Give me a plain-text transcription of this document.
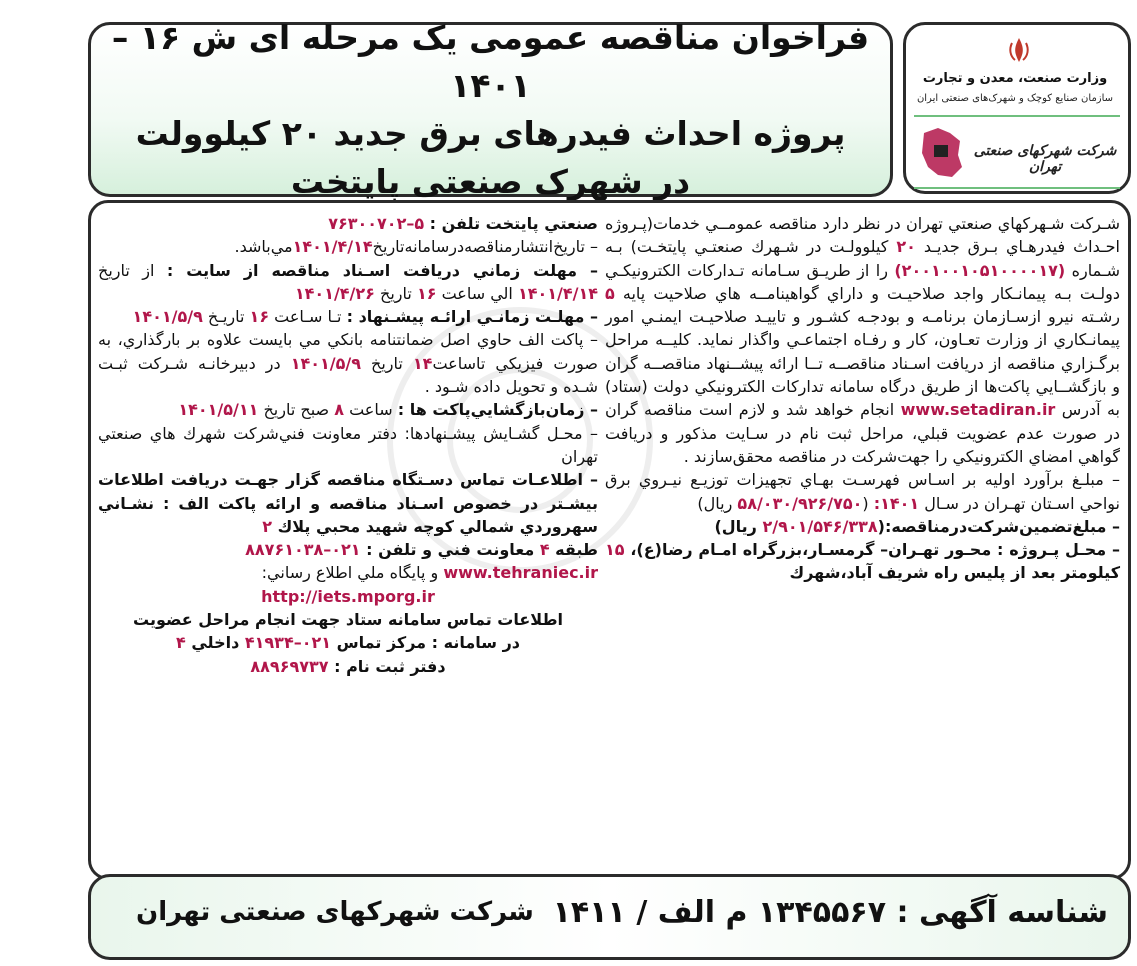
وزارت صنعت، معدن و تجارت
سازمان صنایع کوچک و شهرک‌های صنعتی ایران
شرکت شهرکهای صنعتی تهران
فراخوان مناقصه عمومی یک مرحله ای ش ۱۶ – ۱۴۰۱
پروژه احداث فیدرهای برق جدید ۲۰ کیلوولت
در شهرک صنعتی پایتخت

شـركت شـهركهاي صنعتي تهران در نظر دارد مناقصه عمومــي خدمات(پـروژه احـداث فيدرهـاي بـرق جديـد ۲۰ كيلوولـت در شـهرك صنعتـي پايتخـت) بـه شـماره (۲۰۰۱۰۰۱۰۵۱۰۰۰۰۱۷) را از طريـق سـامانه تـداركات الكترونيكـي دولـت بـه پيمانـكار واجد صلاحيـت و داراي گواهينامــه هاي صلاحيت پايه ۵ رشـته نيرو ازسـازمان برنامـه و بودجـه كشـور و تاييـد صلاحيـت ايمنـي امور پيمانـكاري از وزارت تعـاون، كار و رفـاه اجتماعـي واگذار نمايد. كليــه مراحل برگـزاري مناقصه از دريافت اسـناد مناقصــه تــا ارائه پيشــنهاد مناقصــه گران و بازگشــايي پاكت‌ها از طريق درگاه سامانه تدارکات الکترونیکي دولت (ستاد) به آدرس www.setadiran.ir انجام خواهد شد و لازم است مناقصه گران در صورت عدم عضويت قبلي، مراحل ثبت نام در سـايت مذكور و دريافت گواهي امضاي الكترونيكي را جهت‌شركت در مناقصه محقق‌سازند .

– مبلـغ برآورد اوليه بر اسـاس فهرسـت بهـاي تجهيزات توزيـع نيـروي برق نواحي اسـتان تهـران در سـال ۱۴۰۱: (۵۸/۰۳۰/۹۲۶/۷۵۰ ريال)

– مبلغ‌تضمين‌شركت‌درمناقصه:(۲/۹۰۱/۵۴۶/۳۳۸ ريال)

– محـل پـروژه : محـور تهـران– گرمسـار،بزرگراه امـام رضا(ع)، ۱۵ كيلومتر بعد از پليس راه شريف آباد،شهرك

صنعتي پايتخت تلفن : ۵–۷۶۳۰۰۷۰۲

– تاريخ‌انتشار‌مناقصه‌در‌سامانه‌تاريخ۱۴۰۱/۴/۱۴مي‌باشد.

– مهلت زماني دريافت اسـناد مناقصه از سايت : از تاريخ ۱۴۰۱/۴/۱۴ الي ساعت ۱۶ تاريخ ۱۴۰۱/۴/۲۶

– مهلـت زمانـي ارائـه پيشـنهاد : تـا سـاعت ۱۶ تاريـخ ۱۴۰۱/۵/۹

– پاكت الف حاوي اصل ضمانتنامه بانكي مي بايست علاوه بر بارگذاري، به صورت فيزيكي تاساعت۱۴ تاريخ ۱۴۰۱/۵/۹ در دبيرخانـه شـركت ثبـت شـده و تحويل داده شـود .

– زمان‌بازگشايي‌پاكت ها : ساعت ۸ صبح تاريخ ۱۴۰۱/۵/۱۱

– محـل گشـايش پيشـنهادها: دفتر معاونت فني‌شركت شهرك هاي صنعتي تهران

– اطلاعـات تماس دسـتگاه مناقصه گزار جهـت دريافت اطلاعات بيشـتر در خصوص اسـناد مناقصه و ارائه پاكت الف : نشـاني سهروردي شمالي كوچه شهيد محبي پلاك ۲

طبقه ۴ معاونت فني و تلفن : ۰۲۱–۸۸۷۶۱۰۳۸

www.tehraniec.ir و پايگاه ملي اطلاع رساني:

http://iets.mporg.ir

اطلاعات تماس سامانه ستاد جهت انجام مراحل عضويت

در سامانه : مركز تماس ۰۲۱–۴۱۹۳۴ داخلي ۴

دفتر ثبت نام : ۸۸۹۶۹۷۳۷

شناسه آگهی : ۱۳۴۵۵۶۷ م الف / ۱۴۱۱
شرکت شهرکهای صنعتی تهران
